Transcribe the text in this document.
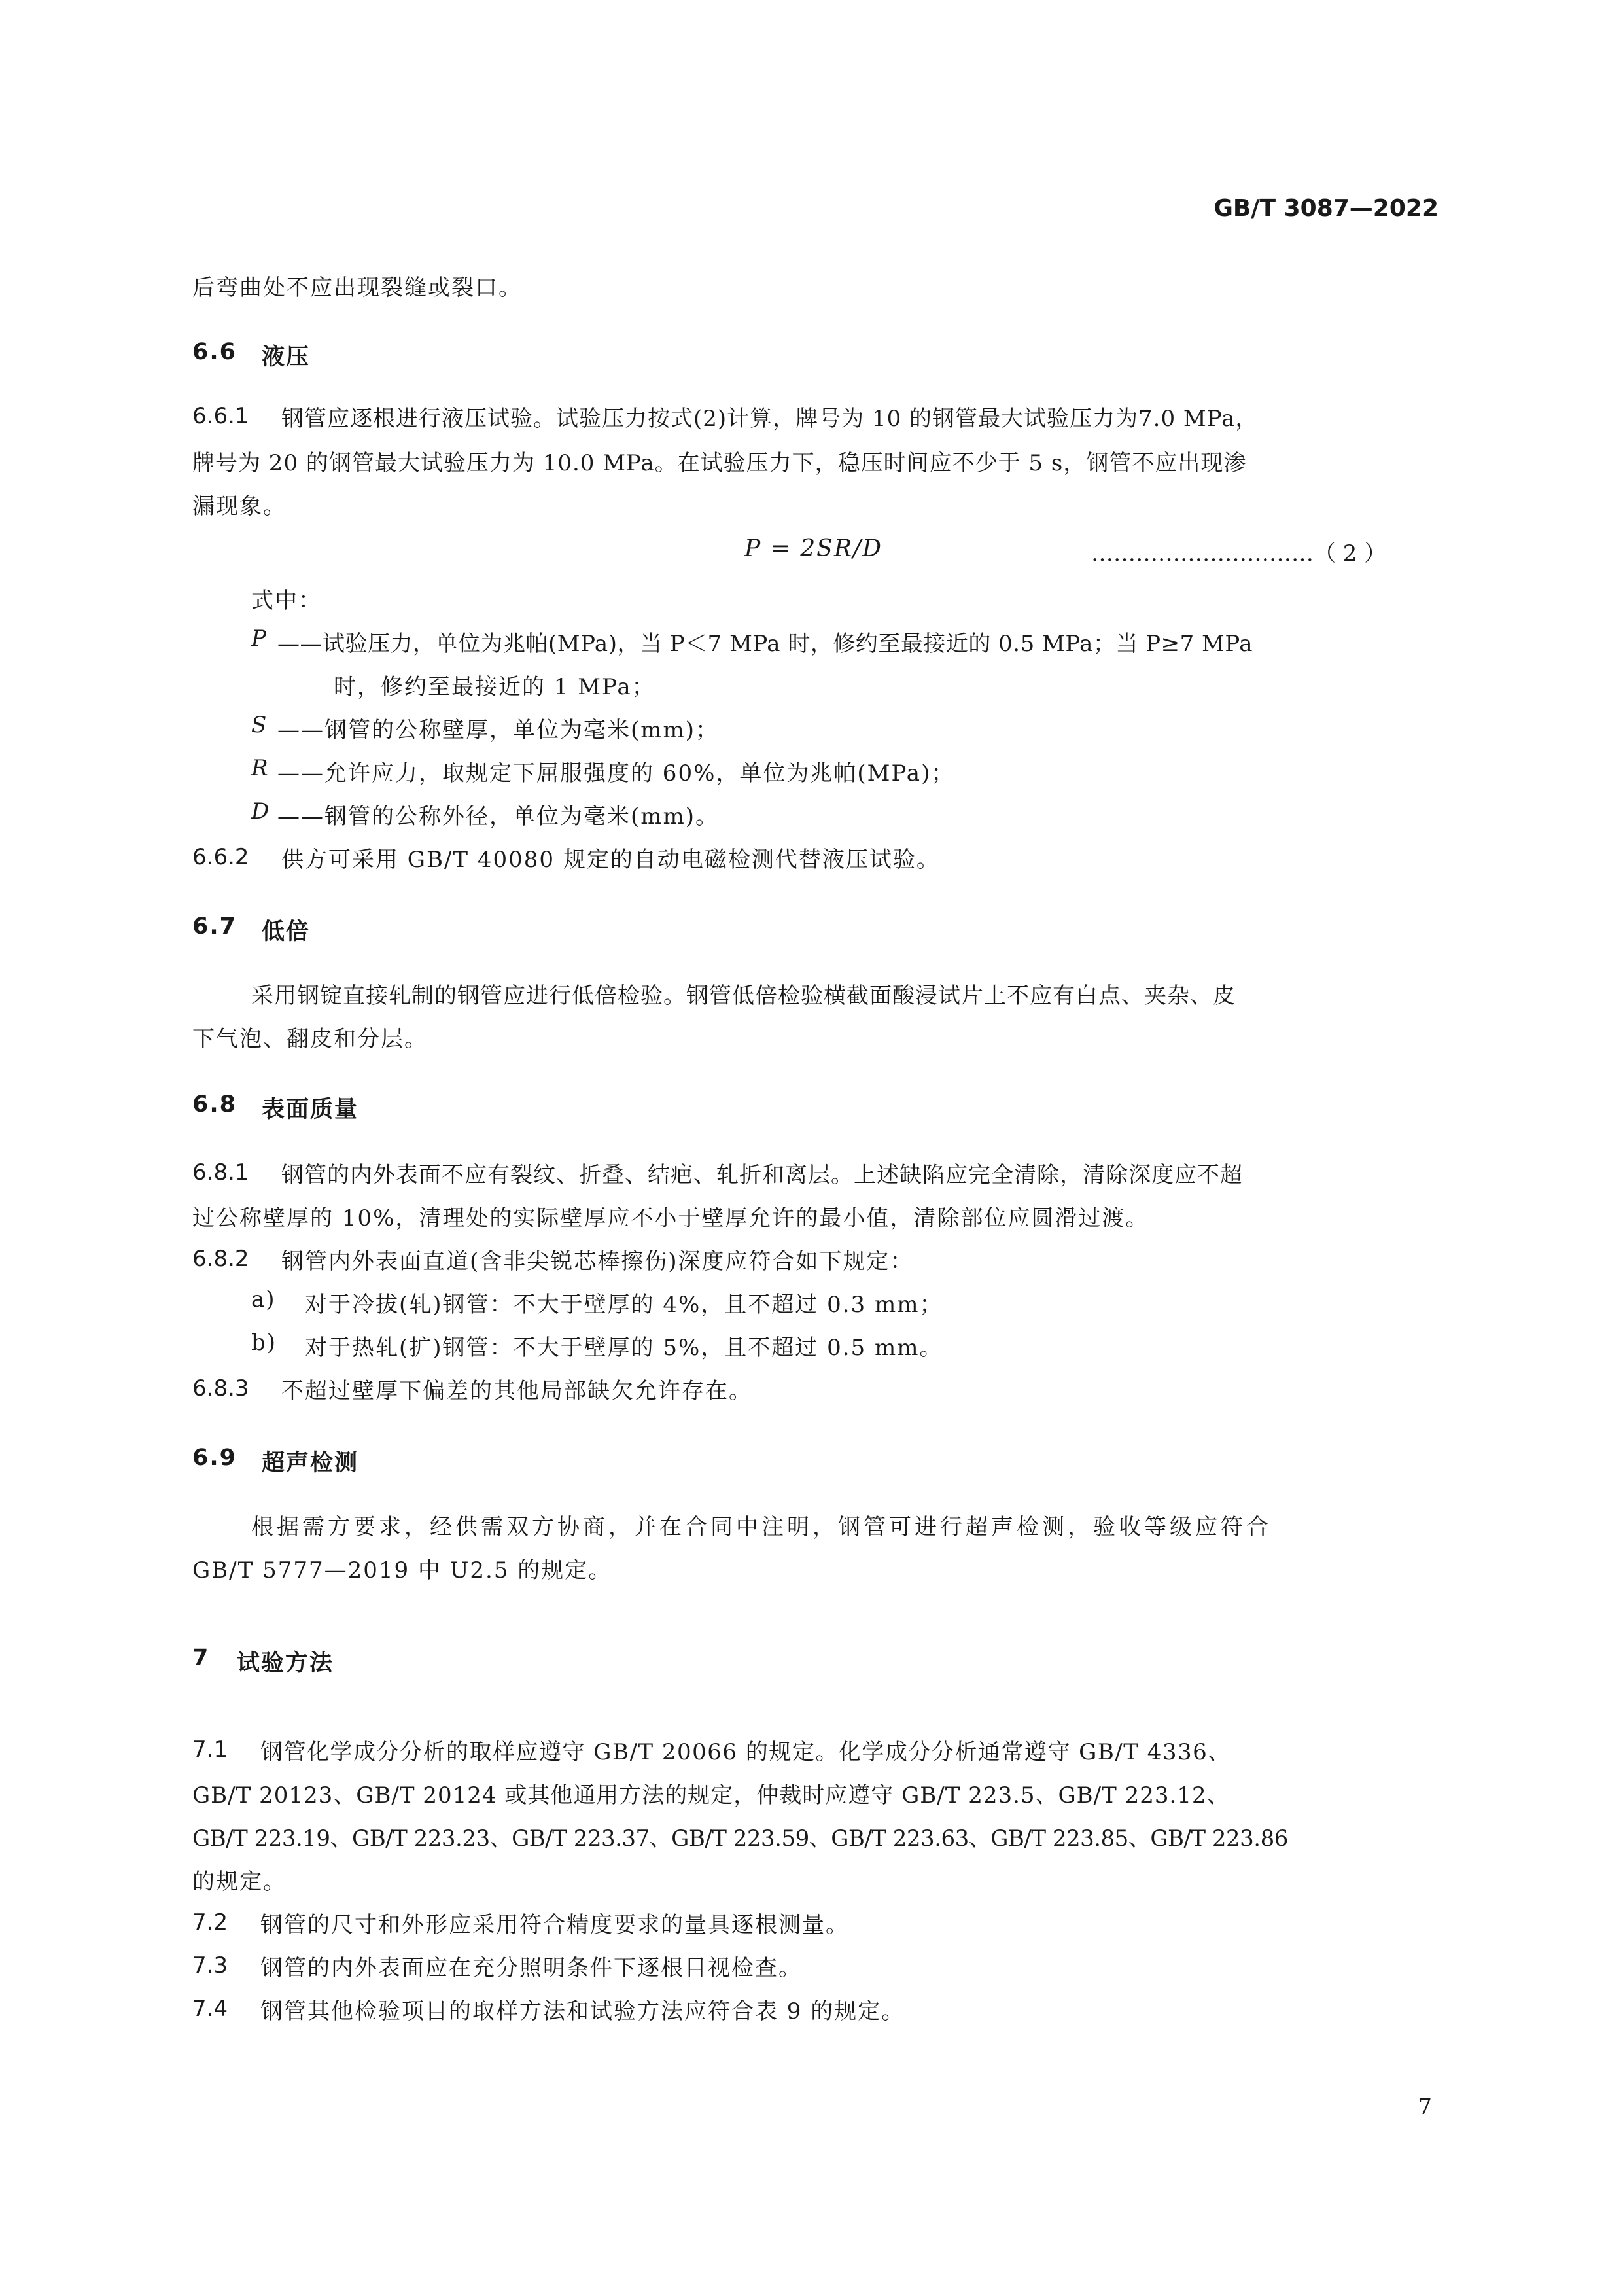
GB/T 3087—2022
后弯曲处不应出现裂缝或裂口。
6.6 液压
6.6.1 钢管应逐根进行液压试验。试验压力按式(2)计算，牌号为 10 的钢管最大试验压力为7.0 MPa，
牌号为 20 的钢管最大试验压力为 10.0 MPa。在试验压力下，稳压时间应不少于 5 s，钢管不应出现渗
漏现象。
P = 2SR/D	…………………………（ 2 ）
式中：
P ——试验压力，单位为兆帕(MPa)，当 P＜7 MPa 时，修约至最接近的 0.5 MPa；当 P≥7 MPa
时，修约至最接近的 1 MPa；
S ——钢管的公称壁厚，单位为毫米(mm)；
R ——允许应力，取规定下屈服强度的 60%，单位为兆帕(MPa)；
D ——钢管的公称外径，单位为毫米(mm)。
6.6.2 供方可采用 GB/T 40080 规定的自动电磁检测代替液压试验。
6.7 低倍
采用钢锭直接轧制的钢管应进行低倍检验。钢管低倍检验横截面酸浸试片上不应有白点、夹杂、皮
下气泡、翻皮和分层。
6.8 表面质量
6.8.1 钢管的内外表面不应有裂纹、折叠、结疤、轧折和离层。上述缺陷应完全清除，清除深度应不超
过公称壁厚的 10%，清理处的实际壁厚应不小于壁厚允许的最小值，清除部位应圆滑过渡。
6.8.2 钢管内外表面直道(含非尖锐芯棒擦伤)深度应符合如下规定：
a) 对于冷拔(轧)钢管：不大于壁厚的 4%，且不超过 0.3 mm；
b) 对于热轧(扩)钢管：不大于壁厚的 5%，且不超过 0.5 mm。
6.8.3 不超过壁厚下偏差的其他局部缺欠允许存在。
6.9 超声检测
根据需方要求，经供需双方协商，并在合同中注明，钢管可进行超声检测，验收等级应符合
GB/T 5777—2019 中 U2.5 的规定。
7 试验方法
7.1 钢管化学成分分析的取样应遵守 GB/T 20066 的规定。化学成分分析通常遵守 GB/T 4336、
GB/T 20123、GB/T 20124 或其他通用方法的规定，仲裁时应遵守 GB/T 223.5、GB/T 223.12、
GB/T 223.19、GB/T 223.23、GB/T 223.37、GB/T 223.59、GB/T 223.63、GB/T 223.85、GB/T 223.86
的规定。
7.2 钢管的尺寸和外形应采用符合精度要求的量具逐根测量。
7.3 钢管的内外表面应在充分照明条件下逐根目视检查。
7.4 钢管其他检验项目的取样方法和试验方法应符合表 9 的规定。
7
